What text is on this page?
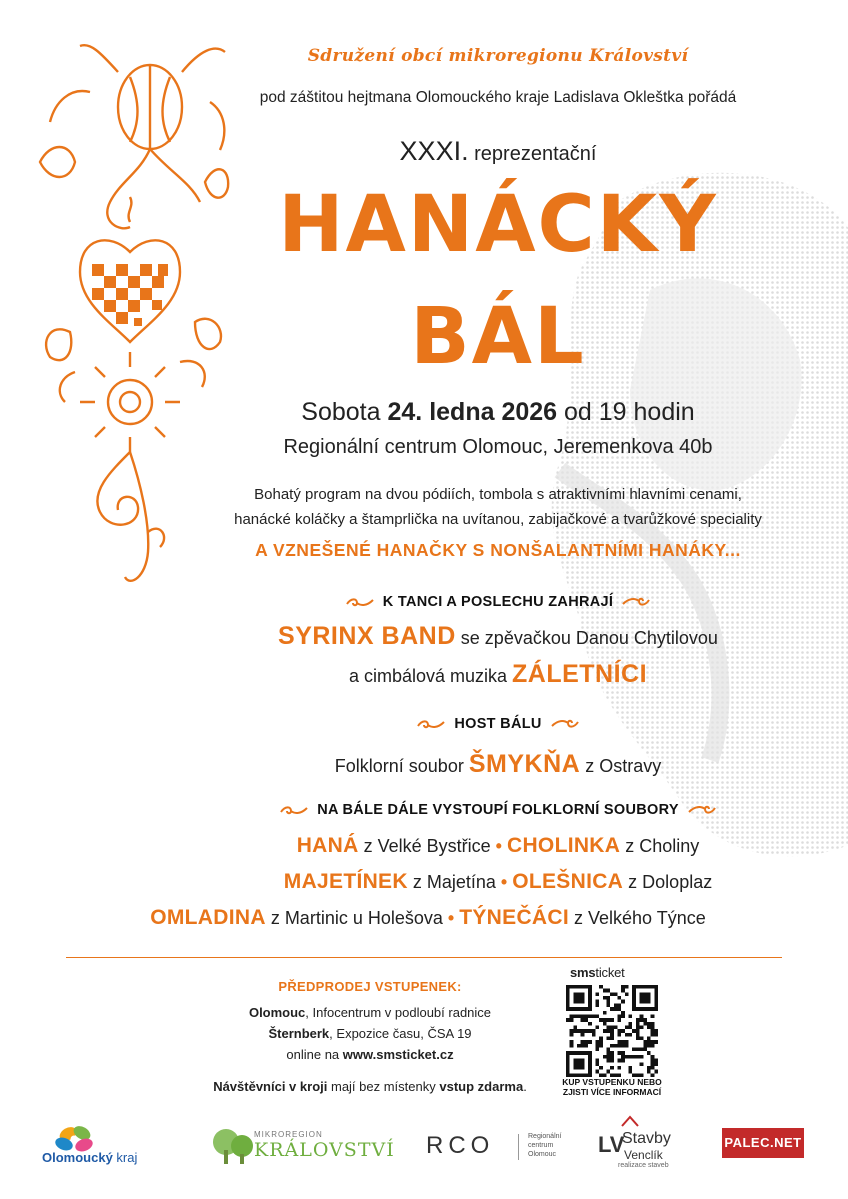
Sdružení obcí mikroregionu Království
pod záštitou hejtmana Olomouckého kraje Ladislava Okleštka pořádá
XXXI. reprezentační
HANÁCKÝ
BÁL
Sobota 24. ledna 2026 od 19 hodin
Regionální centrum Olomouc, Jeremenkova 40b
Bohatý program na dvou pódiích, tombola s atraktivními hlavními cenami,
hanácké koláčky a štamprlička na uvítanou, zabijačkové a tvarůžkové speciality
A VZNEŠENÉ HANAČKY S NONŠALANTNÍMI HANÁKY...
K TANCI A POSLECHU ZAHRAJÍ
SYRINX BAND se zpěvačkou Danou Chytilovou
a cimbálová muzika ZÁLETNÍCI
HOST BÁLU
Folklorní soubor ŠMYKŇA z Ostravy
NA BÁLE DÁLE VYSTOUPÍ FOLKLORNÍ SOUBORY
HANÁ z Velké Bystřice • CHOLINKA z Choliny
MAJETÍNEK z Majetína • OLEŠNICA z Doloplaz
OMLADINA z Martinic u Holešova • TÝNEČÁCI z Velkého Týnce
PŘEDPRODEJ VSTUPENEK:
Olomouc, Infocentrum v podloubí radnice
Šternberk, Expozice času, ČSA 19
online na www.smsticket.cz
Návštěvníci v kroji mají bez místenky vstup zdarma.
smsticket
KUP VSTUPENKU NEBO
ZJISTI VÍCE INFORMACÍ
Olomoucký kraj
MIKROREGION
KRÁLOVSTVÍ RCO	Regionální
centrum
Olomouc LV
Stavby
Venclík
realizace staveb
PALEC.NET
